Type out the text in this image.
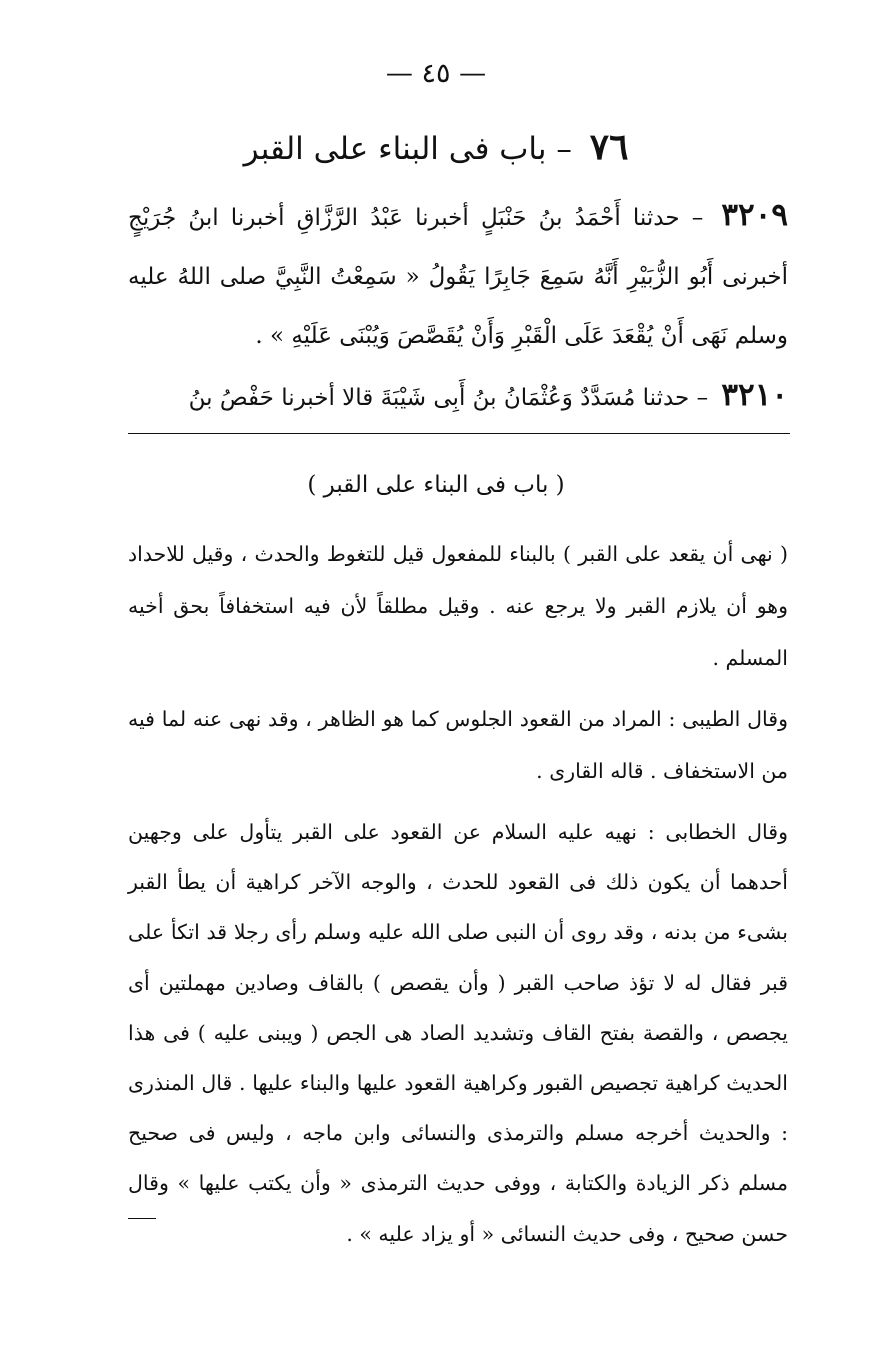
— ٤٥ —
٧٦ – باب فى البناء على القبر

٣٢٠٩ – حدثنا أَحْمَدُ بنُ حَنْبَلٍ أخبرنا عَبْدُ الرَّزَّاقِ أخبرنا ابنُ جُرَيْجٍ أخبرنى أَبُو الزُّبَيْرِ أَنَّهُ سَمِعَ جَابِرًا يَقُولُ « سَمِعْتُ النَّبِيَّ صلى اللهُ عليه وسلم نَهَى أَنْ يُقْعَدَ عَلَى الْقَبْرِ وَأَنْ يُقَصَّصَ وَيُبْنَى عَلَيْهِ » .

٣٢١٠ – حدثنا مُسَدَّدٌ وَعُثْمَانُ بنُ أَبِى شَيْبَةَ قالا أخبرنا حَفْصُ بنُ

( باب فى البناء على القبر )

( نهى أن يقعد على القبر ) بالبناء للمفعول قيل للتغوط والحدث ، وقيل للاحداد وهو أن يلازم القبر ولا يرجع عنه . وقيل مطلقاً لأن فيه استخفافاً بحق أخيه المسلم .

وقال الطيبى : المراد من القعود الجلوس كما هو الظاهر ، وقد نهى عنه لما فيه من الاستخفاف . قاله القارى .

وقال الخطابى : نهيه عليه السلام عن القعود على القبر يتأول على وجهين أحدهما أن يكون ذلك فى القعود للحدث ، والوجه الآخر كراهية أن يطأ القبر بشىء من بدنه ، وقد روى أن النبى صلى الله عليه وسلم رأى رجلا قد اتكأ على قبر فقال له لا تؤذ صاحب القبر ( وأن يقصص ) بالقاف وصادين مهملتين أى يجصص ، والقصة بفتح القاف وتشديد الصاد هى الجص ( ويبنى عليه ) فى هذا الحديث كراهية تجصيص القبور وكراهية القعود عليها والبناء عليها . قال المنذرى : والحديث أخرجه مسلم والترمذى والنسائى وابن ماجه ، وليس فى صحيح مسلم ذكر الزيادة والكتابة ، ووفى حديث الترمذى « وأن يكتب عليها » وقال حسن صحيح ، وفى حديث النسائى « أو يزاد عليه » .
